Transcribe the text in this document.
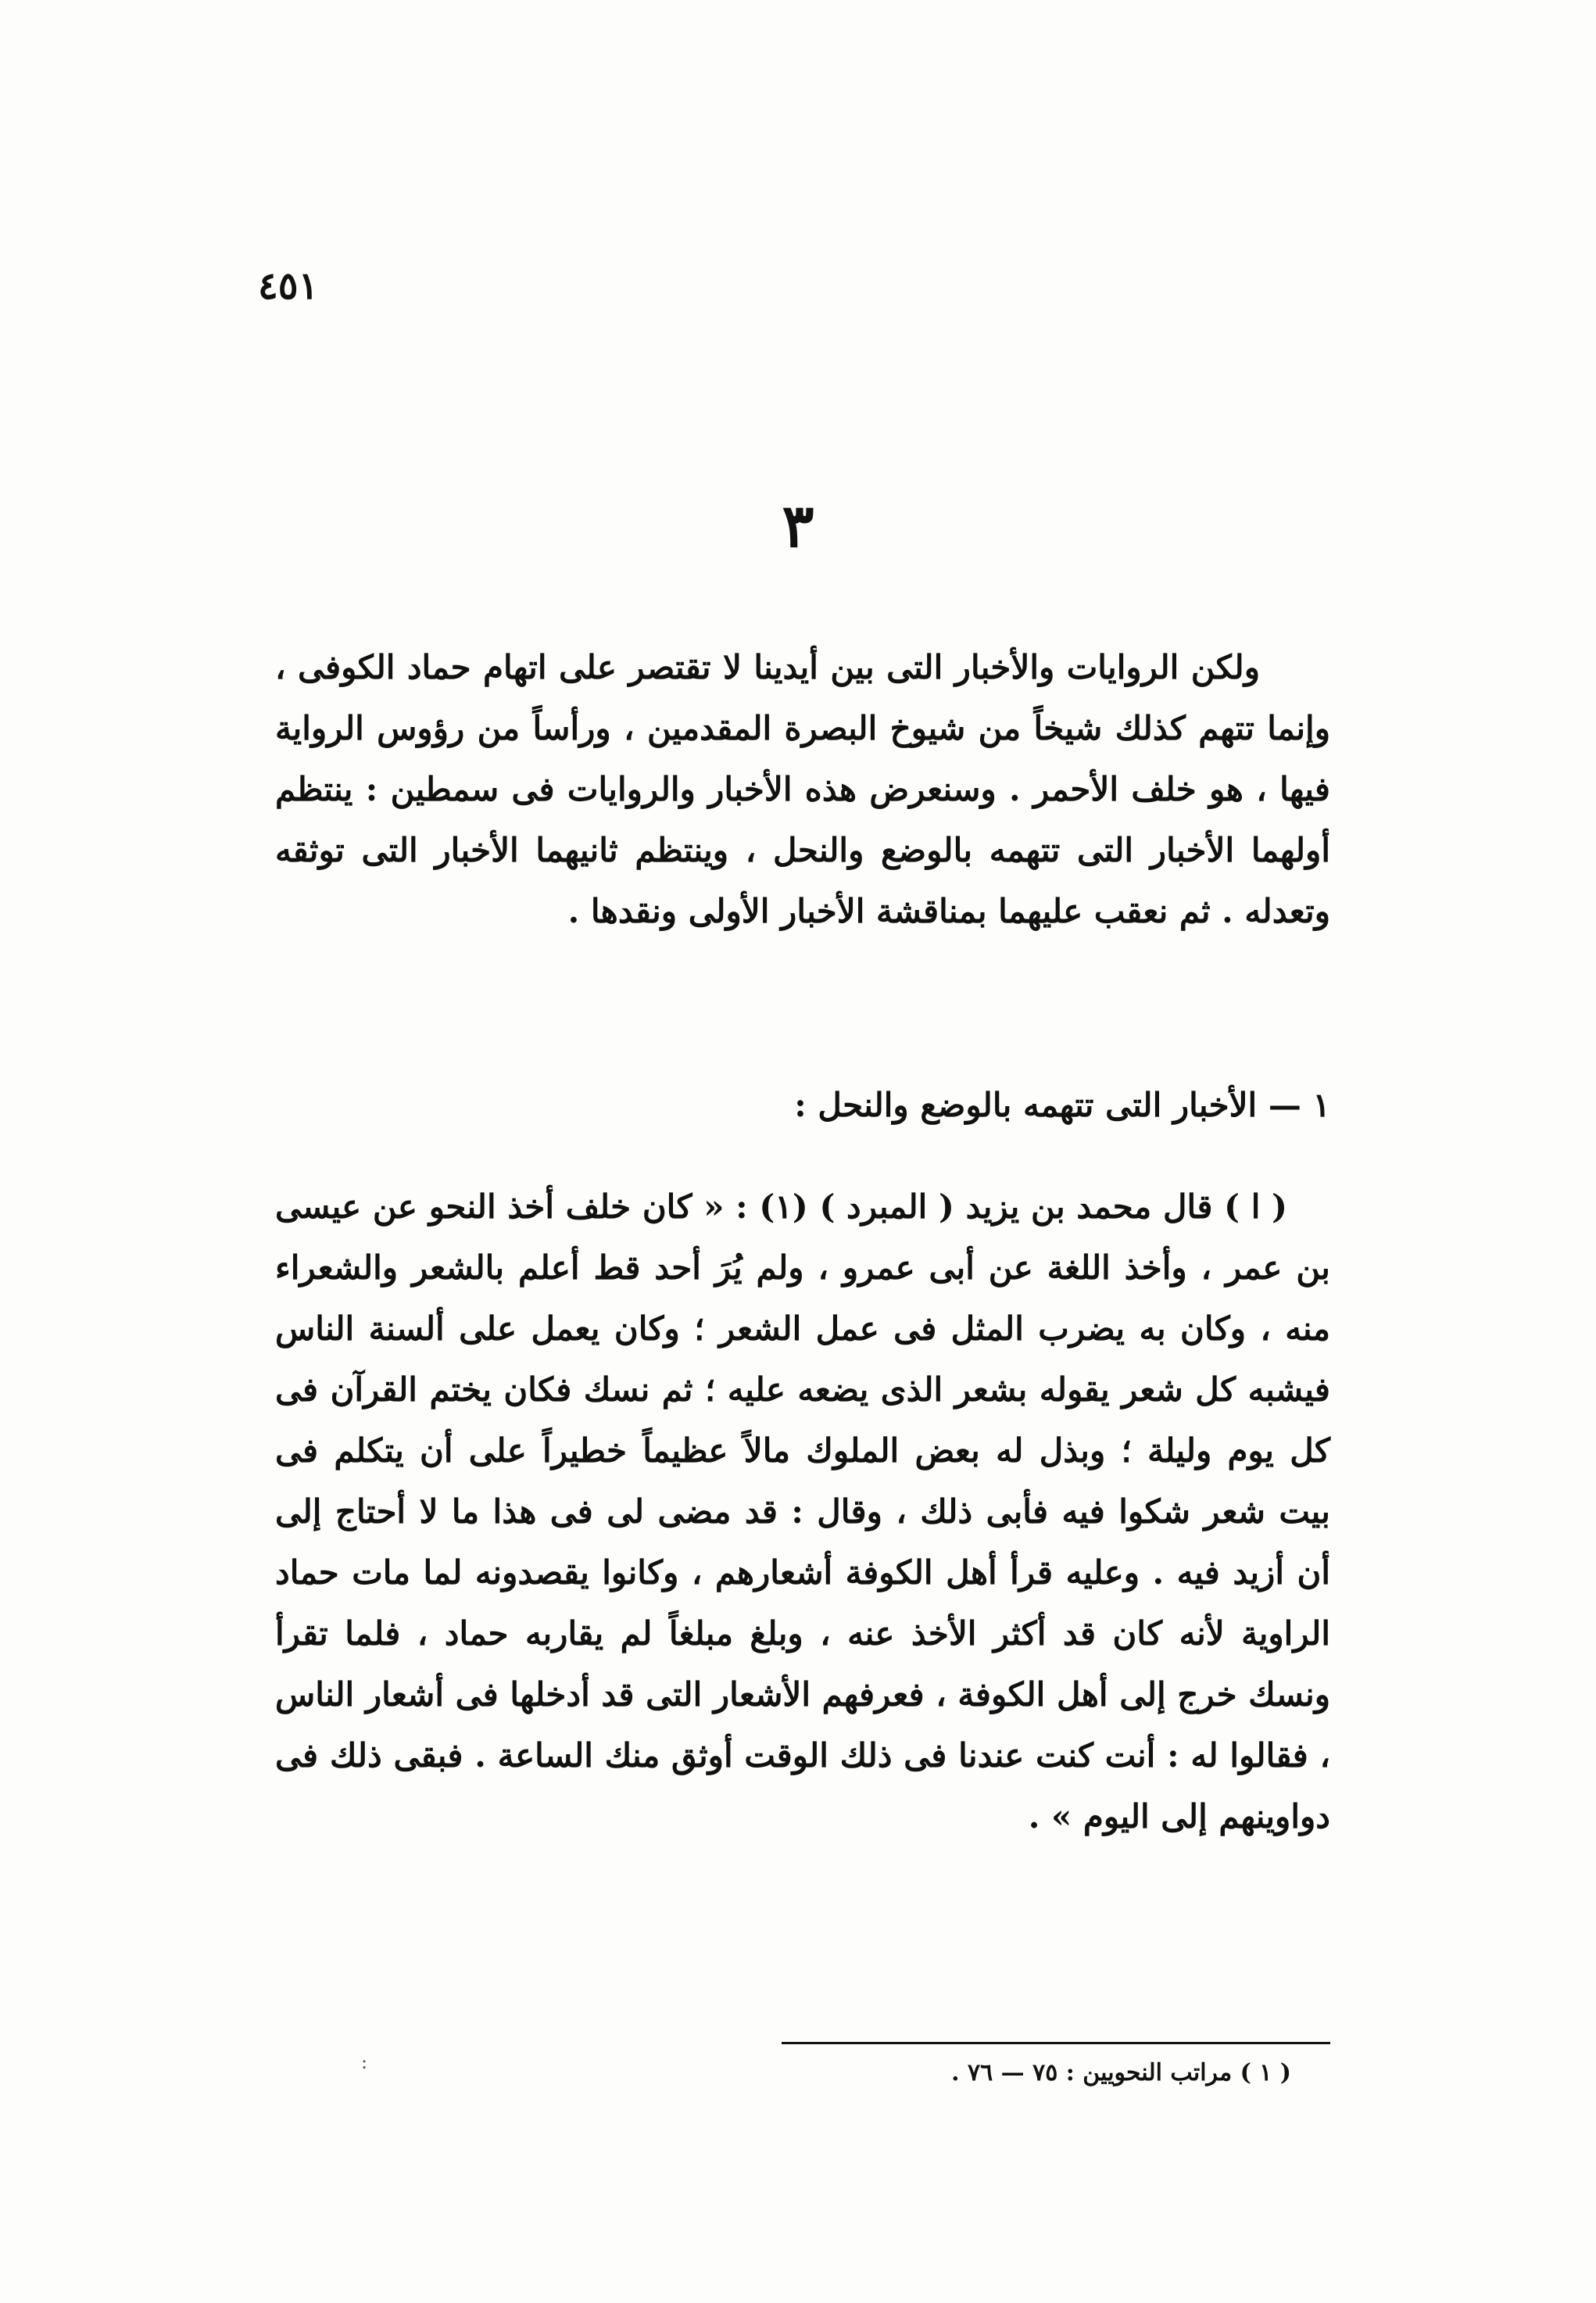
٤٥١
٣

ولكن الروايات والأخبار التى بين أيدينا لا تقتصر على اتهام حماد الكوفى ، وإنما تتهم كذلك شيخاً من شيوخ البصرة المقدمين ، ورأساً من رؤوس الرواية فيها ، هو خلف الأحمر . وسنعرض هذه الأخبار والروايات فى سمطين : ينتظم أولهما الأخبار التى تتهمه بالوضع والنحل ، وينتظم ثانيهما الأخبار التى توثقه وتعدله . ثم نعقب عليهما بمناقشة الأخبار الأولى ونقدها .

١ — الأخبار التى تتهمه بالوضع والنحل :

( ا ) قال محمد بن يزيد ( المبرد ) (١) : « كان خلف أخذ النحو عن عيسى بن عمر ، وأخذ اللغة عن أبى عمرو ، ولم يُرَ أحد قط أعلم بالشعر والشعراء منه ، وكان به يضرب المثل فى عمل الشعر ؛ وكان يعمل على ألسنة الناس فيشبه كل شعر يقوله بشعر الذى يضعه عليه ؛ ثم نسك فكان يختم القرآن فى كل يوم وليلة ؛ وبذل له بعض الملوك مالاً عظيماً خطيراً على أن يتكلم فى بيت شعر شكوا فيه فأبى ذلك ، وقال : قد مضى لى فى هذا ما لا أحتاج إلى أن أزيد فيه . وعليه قرأ أهل الكوفة أشعارهم ، وكانوا يقصدونه لما مات حماد الراوية لأنه كان قد أكثر الأخذ عنه ، وبلغ مبلغاً لم يقاربه حماد ، فلما تقرأ ونسك خرج إلى أهل الكوفة ، فعرفهم الأشعار التى قد أدخلها فى أشعار الناس ، فقالوا له : أنت كنت عندنا فى ذلك الوقت أوثق منك الساعة . فبقى ذلك فى دواوينهم إلى اليوم » .

:	( ١ ) مراتب النحويين : ٧٥ — ٧٦ .
